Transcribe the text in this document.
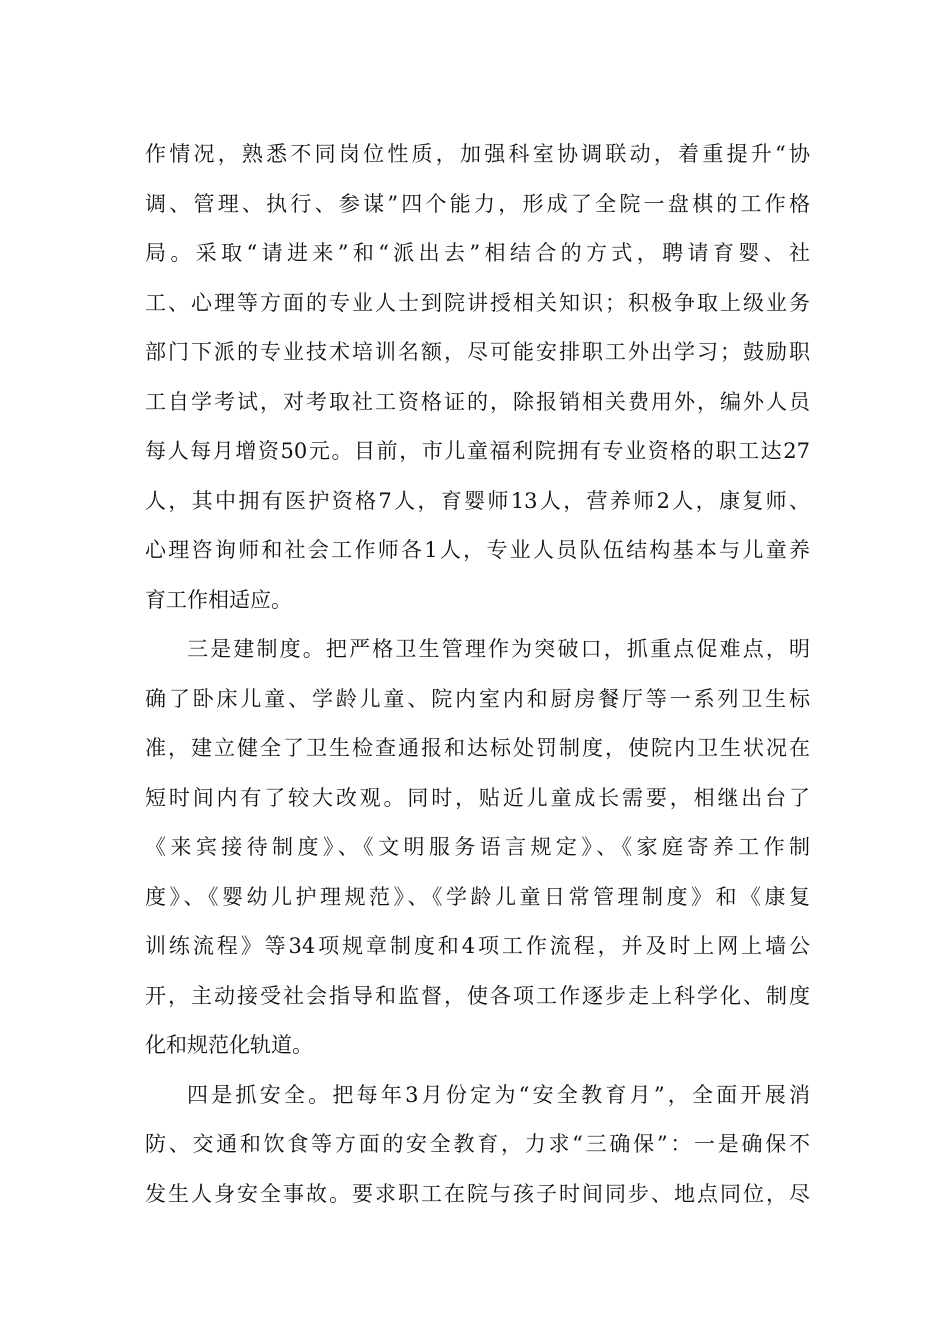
作情况，熟悉不同岗位性质，加强科室协调联动，着重提升“协
调、管理、执行、参谋”四个能力，形成了全院一盘棋的工作格
局。采取“请进来”和“派出去”相结合的方式，聘请育婴、社
工、心理等方面的专业人士到院讲授相关知识；积极争取上级业务
部门下派的专业技术培训名额，尽可能安排职工外出学习；鼓励职
工自学考试，对考取社工资格证的，除报销相关费用外，编外人员
每人每月增资50元。目前，市儿童福利院拥有专业资格的职工达27
人，其中拥有医护资格7人，育婴师13人，营养师2人，康复师、
心理咨询师和社会工作师各1人，专业人员队伍结构基本与儿童养
育工作相适应。
三是建制度。把严格卫生管理作为突破口，抓重点促难点，明
确了卧床儿童、学龄儿童、院内室内和厨房餐厅等一系列卫生标
准，建立健全了卫生检查通报和达标处罚制度，使院内卫生状况在
短时间内有了较大改观。同时，贴近儿童成长需要，相继出台了
《来宾接待制度》、《文明服务语言规定》、《家庭寄养工作制
度》、《婴幼儿护理规范》、《学龄儿童日常管理制度》和《康复
训练流程》等34项规章制度和4项工作流程，并及时上网上墙公
开，主动接受社会指导和监督，使各项工作逐步走上科学化、制度
化和规范化轨道。
四是抓安全。把每年3月份定为“安全教育月”，全面开展消
防、交通和饮食等方面的安全教育，力求“三确保”：一是确保不
发生人身安全事故。要求职工在院与孩子时间同步、地点同位，尽
